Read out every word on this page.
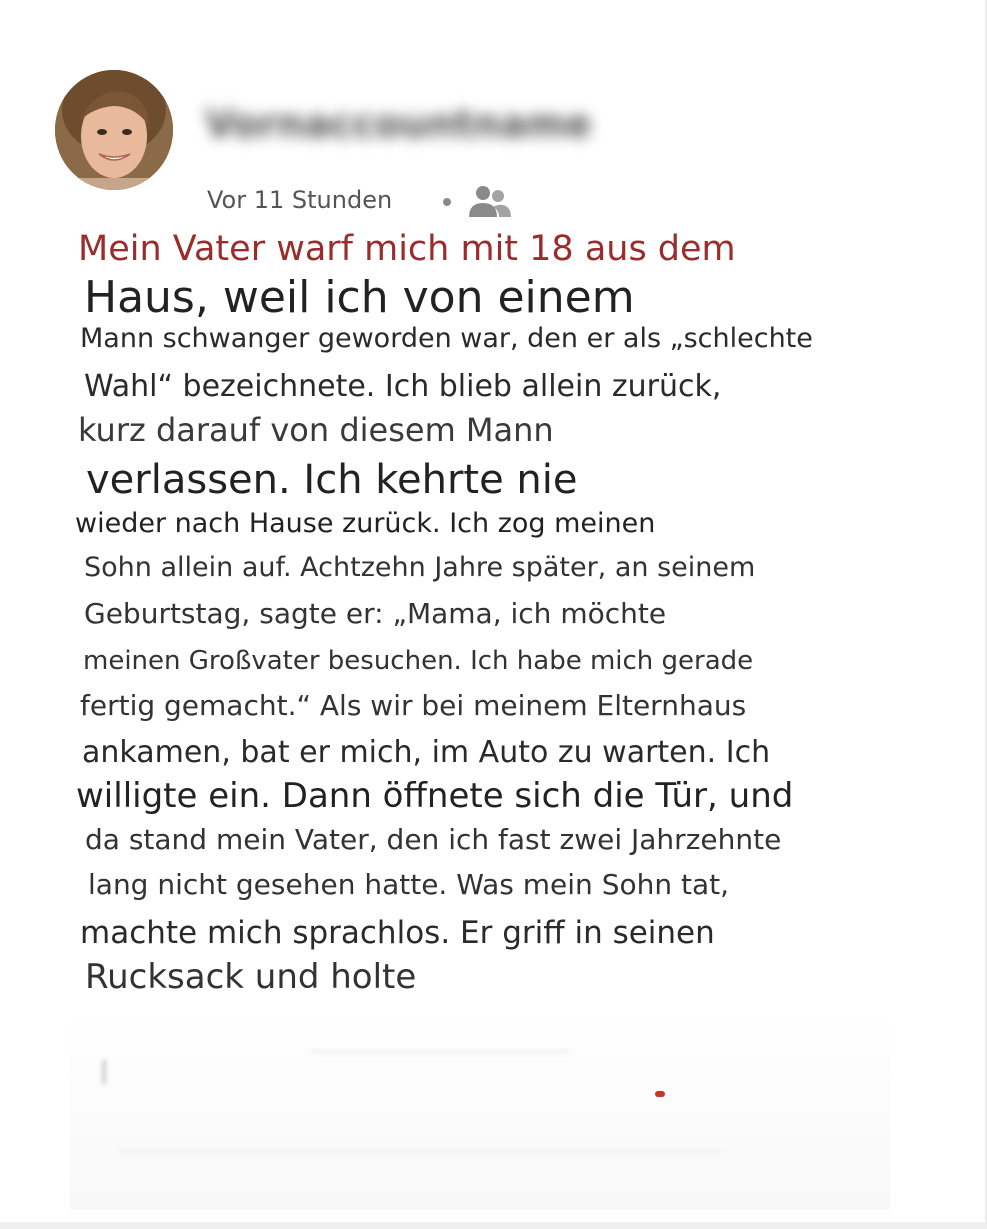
Vornaccountname
Vor 11 Stunden
Mein Vater warf mich mit 18 aus dem
Haus, weil ich von einem
Mann schwanger geworden war, den er als „schlechte
Wahl“ bezeichnete. Ich blieb allein zurück,
kurz darauf von diesem Mann
verlassen. Ich kehrte nie
wieder nach Hause zurück. Ich zog meinen
Sohn allein auf. Achtzehn Jahre später, an seinem
Geburtstag, sagte er: „Mama, ich möchte
meinen Großvater besuchen. Ich habe mich gerade
fertig gemacht.“ Als wir bei meinem Elternhaus
ankamen, bat er mich, im Auto zu warten. Ich
willigte ein. Dann öffnete sich die Tür, und
da stand mein Vater, den ich fast zwei Jahrzehnte
lang nicht gesehen hatte. Was mein Sohn tat,
machte mich sprachlos. Er griff in seinen
Rucksack und holte
